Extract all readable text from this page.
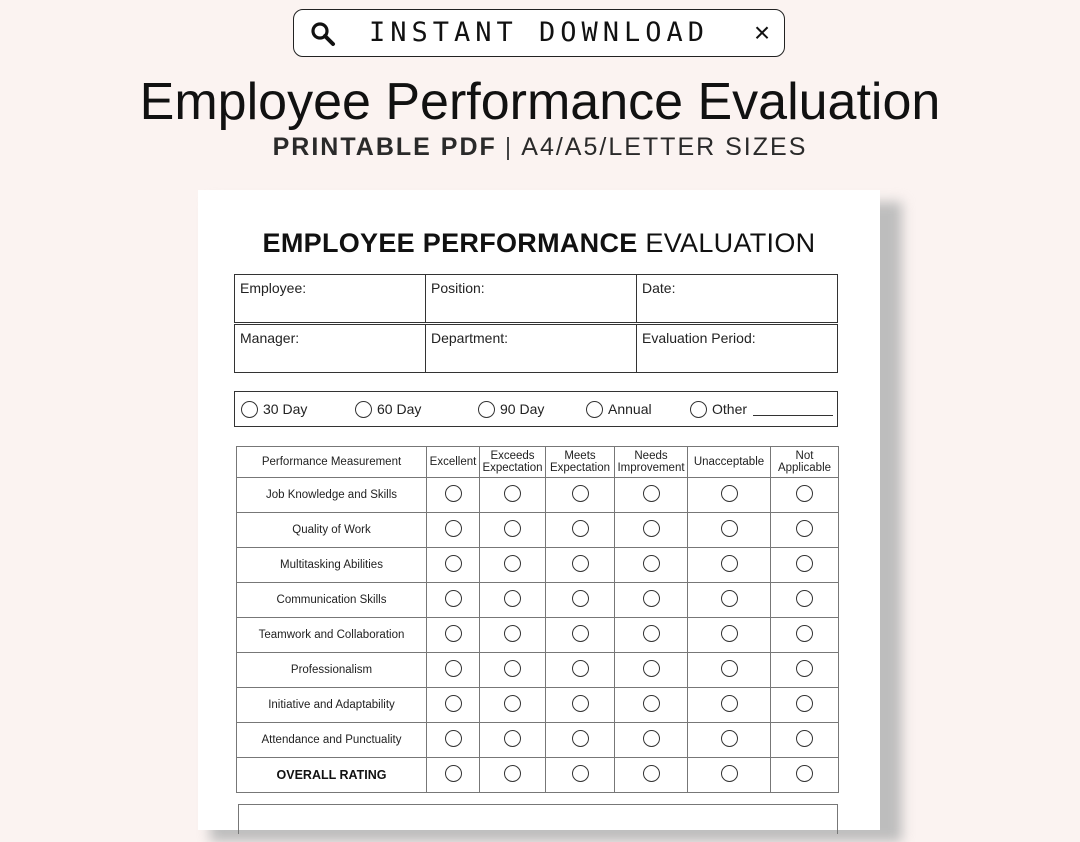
INSTANT DOWNLOAD	×
Employee Performance Evaluation
PRINTABLE PDF | A4/A5/LETTER SIZES
EMPLOYEE PERFORMANCE EVALUATION
Employee:	Position:	Date:
Manager:	Department:	Evaluation Period:
30 Day	60 Day	90 Day	Annual	Other
Performance Measurement	Excellent	Exceeds Expectation	Meets Expectation	Needs Improvement	Unacceptable	Not Applicable
Job Knowledge and Skills						
Quality of Work						
Multitasking Abilities						
Communication Skills						
Teamwork and Collaboration						
Professionalism						
Initiative and Adaptability						
Attendance and Punctuality						
OVERALL RATING						
